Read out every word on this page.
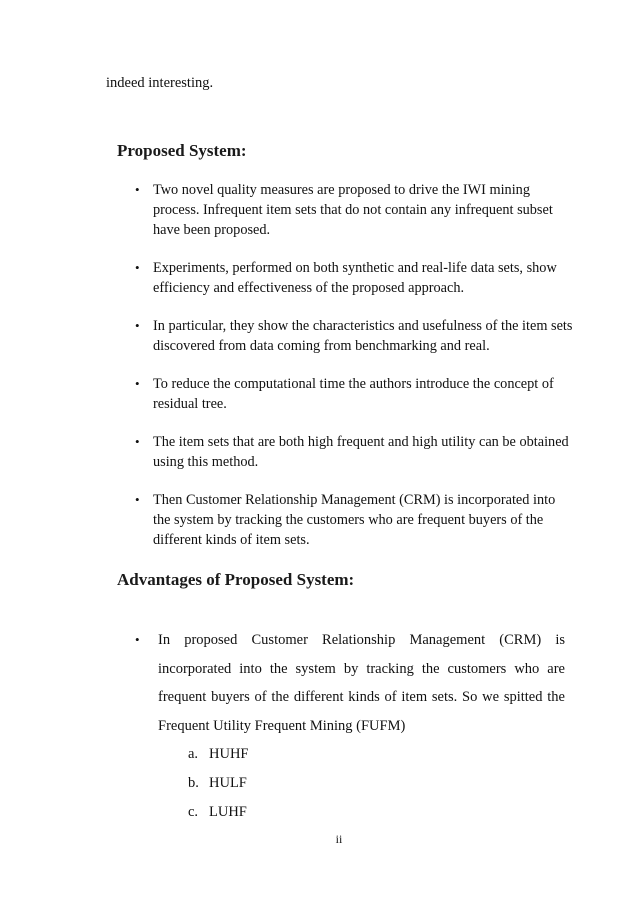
indeed interesting.
Proposed System:
• Two novel quality measures are proposed to drive the IWI mining process. Infrequent item sets that do not contain any infrequent subset have been proposed.
• Experiments, performed on both synthetic and real-life data sets, show efficiency and effectiveness of the proposed approach.
• In particular, they show the characteristics and usefulness of the item sets discovered from data coming from benchmarking and real.
• To reduce the computational time the authors introduce the concept of residual tree.
• The item sets that are both high frequent and high utility can be obtained using this method.
• Then Customer Relationship Management (CRM) is incorporated into the system by tracking the customers who are frequent buyers of the different kinds of item sets.
Advantages of Proposed System:
• In proposed Customer Relationship Management (CRM) is incorporated into the system by tracking the customers who are frequent buyers of the different kinds of item sets. So we spitted the Frequent Utility Frequent Mining (FUFM)
a. HUHF
b. HULF
c. LUHF
ii
